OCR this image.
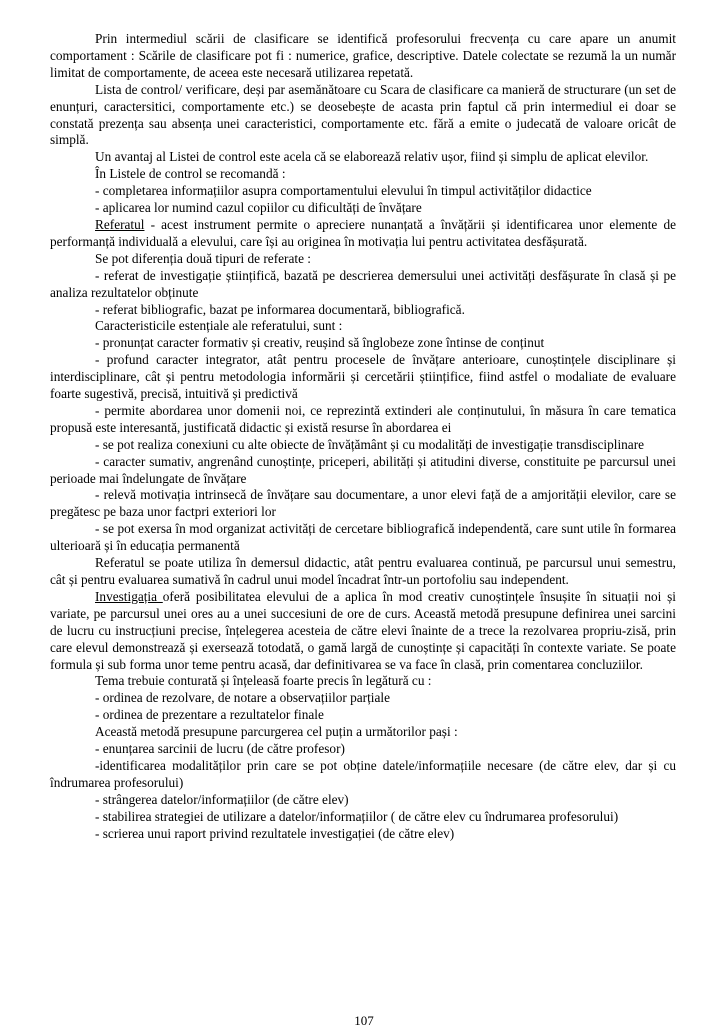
Prin intermediul scării de clasificare se identifică profesorului frecvența cu care apare un anumit comportament : Scările de clasificare pot fi : numerice, grafice, descriptive. Datele colectate se rezumă la un număr limitat de comportamente, de aceea este necesară utilizarea repetată.

Lista de control/ verificare, deși par asemănătoare cu Scara de clasificare ca manieră de structurare (un set de enunțuri, caractersitici, comportamente etc.) se deosebește de acasta prin faptul că prin intermediul ei doar se constată prezența sau absența unei caracteristici, comportamente etc. fără a emite o judecată de valoare oricât de simplă.

Un avantaj al Listei de control este acela că se elaborează relativ ușor, fiind și simplu de aplicat elevilor.

În Listele de control se recomandă :

- completarea informațiilor asupra comportamentului elevului în timpul activităților didactice

- aplicarea lor numind cazul copiilor cu dificultăți de învățare

Referatul - acest instrument permite o apreciere nunanțată a învățării și identificarea unor elemente de performanță individuală a elevului, care își au originea în motivația lui pentru activitatea desfășurată.

Se pot diferenția două tipuri de referate :

- referat de investigație științifică, bazată pe descrierea demersului unei activități desfășurate în clasă și pe analiza rezultatelor obținute

- referat bibliografic, bazat pe informarea documentară, bibliografică.

Caracteristicile estențiale ale referatului, sunt :

- pronunțat caracter formativ și creativ, reușind să înglobeze zone întinse de conținut

- profund caracter integrator, atât pentru procesele de învățare anterioare, cunoștințele disciplinare și interdisciplinare, cât și pentru metodologia informării și cercetării științifice, fiind astfel o modaliate de evaluare foarte sugestivă, precisă, intuitivă și predictivă

- permite abordarea unor domenii noi, ce reprezintă extinderi ale conținutului, în măsura în care tematica propusă este interesantă, justificată didactic și există resurse în abordarea ei

- se pot realiza conexiuni cu alte obiecte de învățământ și cu modalități de investigație transdisciplinare

- caracter sumativ, angrenând cunoștințe, priceperi, abilități și atitudini diverse, constituite pe parcursul unei perioade mai îndelungate de învățare

- relevă motivația intrinsecă de învățare sau documentare, a unor elevi față de a amjorității elevilor, care se pregătesc pe baza unor factpri exteriori lor

- se pot exersa în mod organizat activități de cercetare bibliografică independentă, care sunt utile în formarea ulterioară și în educația permanentă

Referatul se poate utiliza în demersul didactic, atât pentru evaluarea continuă, pe parcursul unui semestru, cât și pentru evaluarea sumativă în cadrul unui model încadrat într-un portofoliu sau independent.

Investigația oferă posibilitatea elevului de a aplica în mod creativ cunoștințele însușite în situații noi și variate, pe parcursul unei ores au a unei succesiuni de ore de curs. Această metodă presupune definirea unei sarcini de lucru cu instrucțiuni precise, înțelegerea acesteia de către elevi înainte de a trece la rezolvarea propriu-zisă, prin care elevul demonstrează și exersează totodată, o gamă largă de cunoștințe și capacități în contexte variate. Se poate formula și sub forma unor teme pentru acasă, dar definitivarea se va face în clasă, prin comentarea concluziilor.

Tema trebuie conturată și înțeleasă foarte precis în legătură cu :

- ordinea de rezolvare, de notare a observațiilor parțiale

- ordinea de prezentare a rezultatelor finale

Această metodă presupune parcurgerea cel puțin a următorilor pași :

- enunțarea sarcinii de lucru (de către profesor)

-identificarea modalităților prin care se pot obține datele/informațiile necesare (de către elev, dar și cu îndrumarea profesorului)

- strângerea datelor/informațiilor (de către elev)

- stabilirea strategiei de utilizare a datelor/informațiilor ( de către elev cu îndrumarea profesorului)

- scrierea unui raport privind rezultatele investigației (de către elev)

107
